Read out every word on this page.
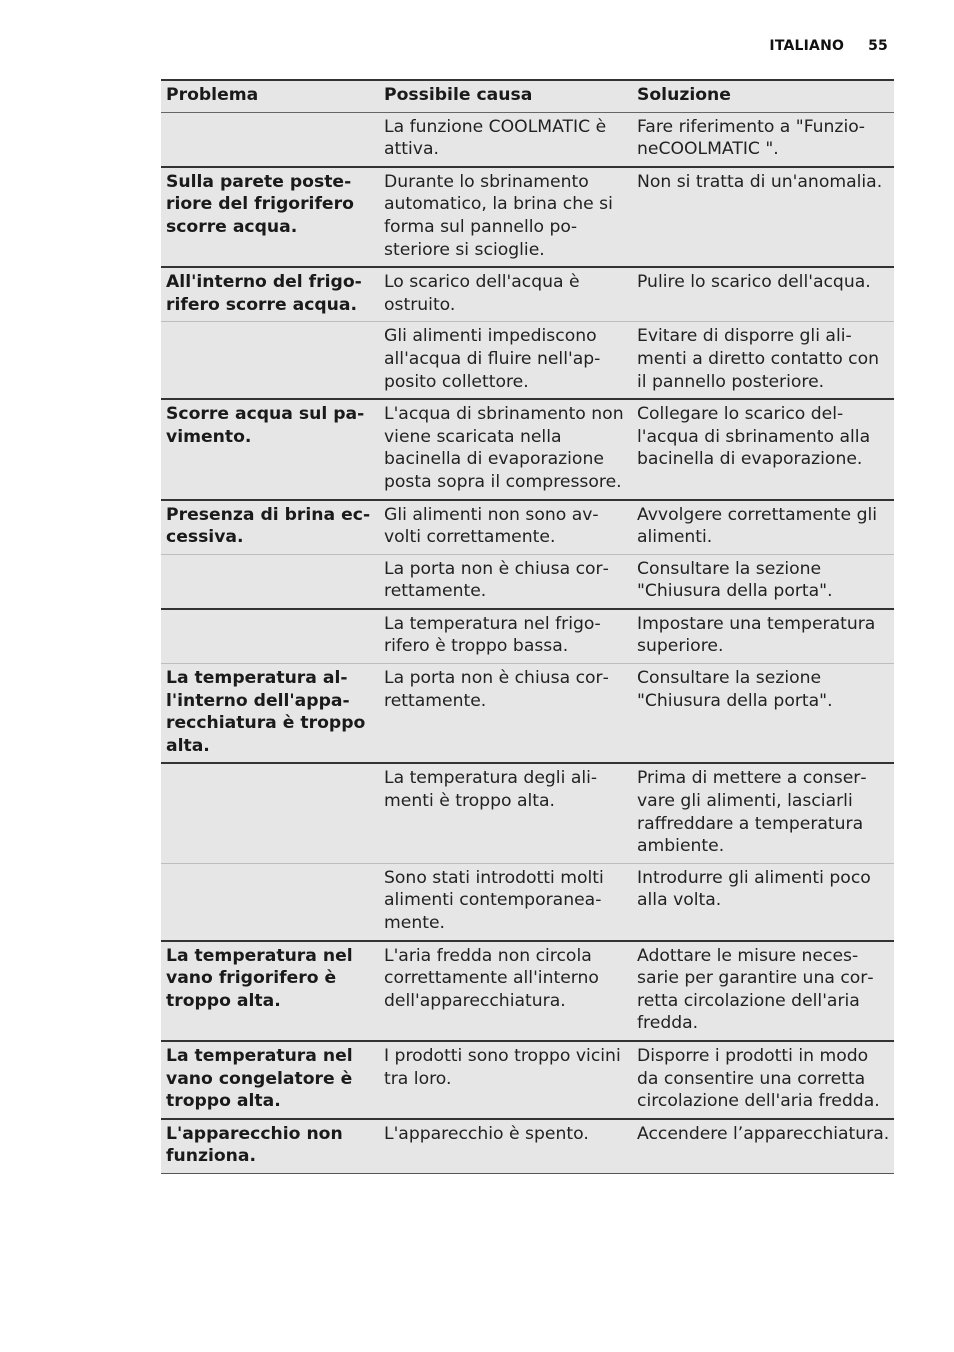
ITALIANO 55
Problema	Possibile causa	Soluzione
	La funzione COOLMATIC è attiva.	Fare riferimento a "FunzioneCOOLMATIC ".
Sulla parete posteriore del frigorifero scorre acqua.	Durante lo sbrinamento automatico, la brina che si forma sul pannello posteriore si scioglie.	Non si tratta di un'anomalia.
All'interno del frigorifero scorre acqua.	Lo scarico dell'acqua è ostruito.	Pulire lo scarico dell'acqua.
	Gli alimenti impediscono all'acqua di fluire nell'apposito collettore.	Evitare di disporre gli alimenti a diretto contatto con il pannello posteriore.
Scorre acqua sul pavimento.	L'acqua di sbrinamento non viene scaricata nella bacinella di evaporazione posta sopra il compressore.	Collegare lo scarico dell'acqua di sbrinamento alla bacinella di evaporazione.
Presenza di brina eccessiva.	Gli alimenti non sono avvolti correttamente.	Avvolgere correttamente gli alimenti.
	La porta non è chiusa correttamente.	Consultare la sezione "Chiusura della porta".
	La temperatura nel frigorifero è troppo bassa.	Impostare una temperatura superiore.
La temperatura all'interno dell'apparecchiatura è troppo alta.	La porta non è chiusa correttamente.	Consultare la sezione "Chiusura della porta".
	La temperatura degli alimenti è troppo alta.	Prima di mettere a conservare gli alimenti, lasciarli raffreddare a temperatura ambiente.
	Sono stati introdotti molti alimenti contemporaneamente.	Introdurre gli alimenti poco alla volta.
La temperatura nel vano frigorifero è troppo alta.	L'aria fredda non circola correttamente all'interno dell'apparecchiatura.	Adottare le misure necessarie per garantire una corretta circolazione dell'aria fredda.
La temperatura nel vano congelatore è troppo alta.	I prodotti sono troppo vicini tra loro.	Disporre i prodotti in modo da consentire una corretta circolazione dell'aria fredda.
L'apparecchio non funziona.	L'apparecchio è spento.	Accendere l’apparecchiatura.
